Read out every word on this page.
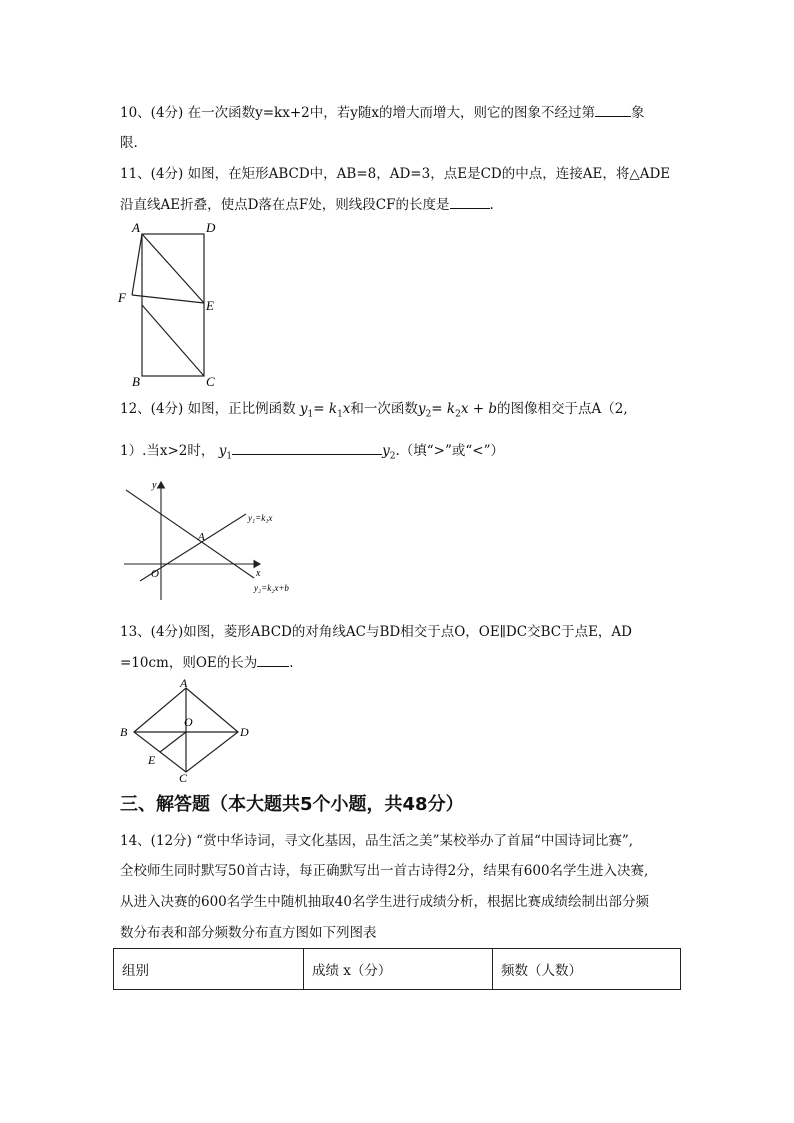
10、(4分) 在一次函数y=kx+2中，若y随x的增大而增大，则它的图象不经过第	象
限.
11、(4分) 如图，在矩形ABCD中，AB=8，AD=3，点E是CD的中点，连接AE，将△ADE
沿直线AE折叠，使点D落在点F处，则线段CF的长度是	.
A	D
F
E
B	C
12、(4分) 如图，正比例函数 $y_1= k_1x$和一次函数$y_2= k_2x + b$的图像相交于点A（2,
1）.当x>2时， $y_1$	$y_2$.（填“>”或“<”）
y
x
O
A
y₁=k₁x
y₂=k₂x+b
13、(4分)如图，菱形ABCD的对角线AC与BD相交于点O，OE∥DC交BC于点E，AD
=10cm，则OE的长为 .
A
B
O
D
E
C
三、解答题（本大题共5个小题，共48分）
14、(12分) “赏中华诗词，寻文化基因，品生活之美”某校举办了首届“中国诗词比赛”,
全校师生同时默写50首古诗，每正确默写出一首古诗得2分，结果有600名学生进入决赛,
从进入决赛的600名学生中随机抽取40名学生进行成绩分析，根据比赛成绩绘制出部分频
数分布表和部分频数分布直方图如下列图表
组别	成绩 x（分）	频数（人数）
